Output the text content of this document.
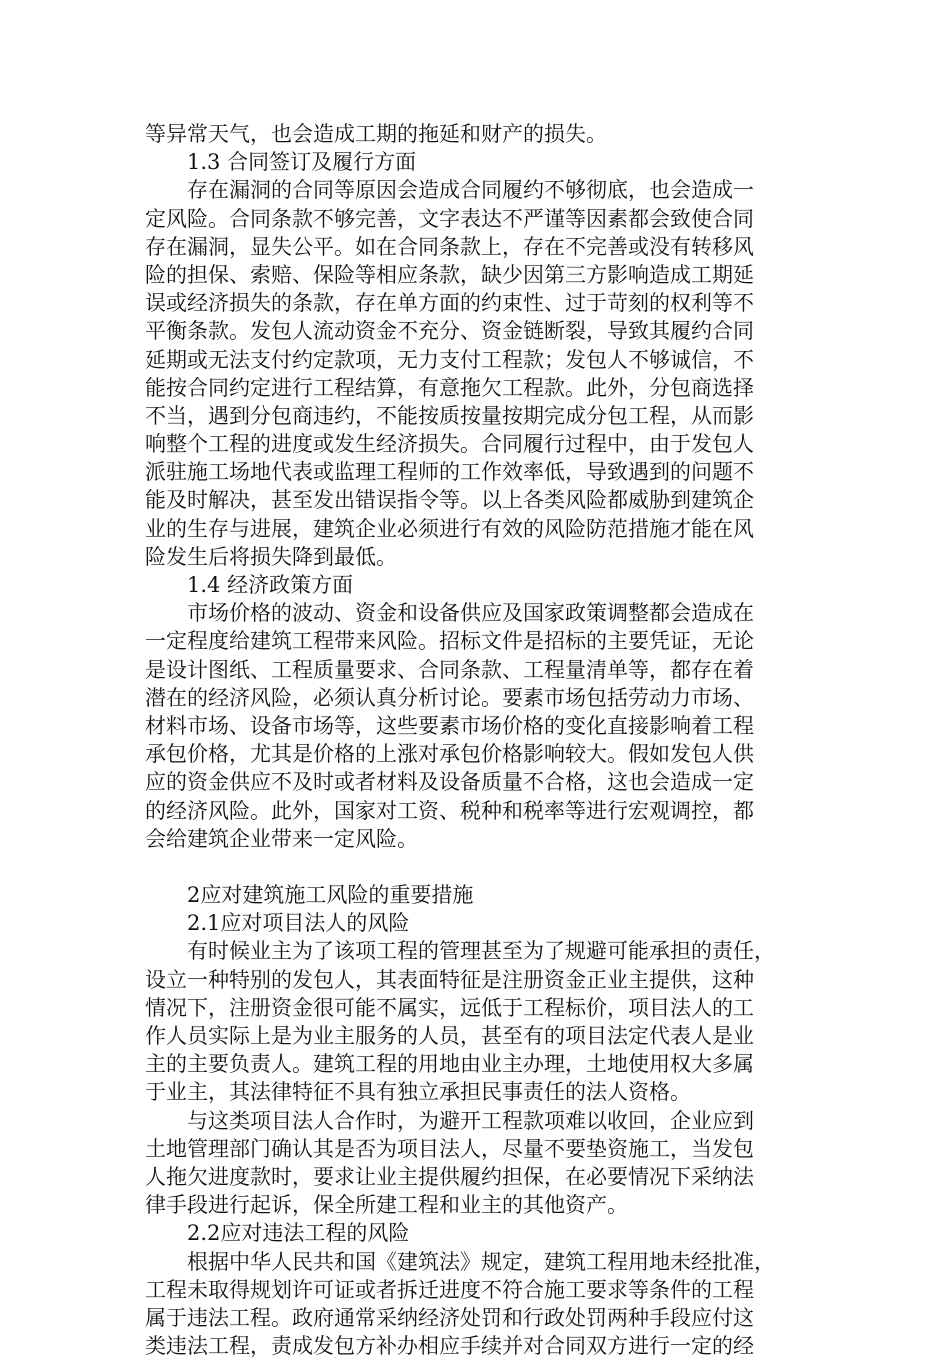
等异常天气，也会造成工期的拖延和财产的损失。
　　1.3 合同签订及履行方面
　　存在漏洞的合同等原因会造成合同履约不够彻底，也会造成一
定风险。合同条款不够完善，文字表达不严谨等因素都会致使合同
存在漏洞，显失公平。如在合同条款上，存在不完善或没有转移风
险的担保、索赔、保险等相应条款，缺少因第三方影响造成工期延
误或经济损失的条款，存在单方面的约束性、过于苛刻的权利等不
平衡条款。发包人流动资金不充分、资金链断裂，导致其履约合同
延期或无法支付约定款项，无力支付工程款；发包人不够诚信，不
能按合同约定进行工程结算，有意拖欠工程款。此外，分包商选择
不当，遇到分包商违约，不能按质按量按期完成分包工程，从而影
响整个工程的进度或发生经济损失。合同履行过程中，由于发包人
派驻施工场地代表或监理工程师的工作效率低，导致遇到的问题不
能及时解决，甚至发出错误指令等。以上各类风险都威胁到建筑企
业的生存与进展，建筑企业必须进行有效的风险防范措施才能在风
险发生后将损失降到最低。
　　1.4 经济政策方面
　　市场价格的波动、资金和设备供应及国家政策调整都会造成在
一定程度给建筑工程带来风险。招标文件是招标的主要凭证，无论
是设计图纸、工程质量要求、合同条款、工程量清单等，都存在着
潜在的经济风险，必须认真分析讨论。要素市场包括劳动力市场、
材料市场、设备市场等，这些要素市场价格的变化直接影响着工程
承包价格，尤其是价格的上涨对承包价格影响较大。假如发包人供
应的资金供应不及时或者材料及设备质量不合格，这也会造成一定
的经济风险。此外，国家对工资、税种和税率等进行宏观调控，都
会给建筑企业带来一定风险。
　　2应对建筑施工风险的重要措施
　　2.1应对项目法人的风险
　　有时候业主为了该项工程的管理甚至为了规避可能承担的责任，
设立一种特别的发包人，其表面特征是注册资金正业主提供，这种
情况下，注册资金很可能不属实，远低于工程标价，项目法人的工
作人员实际上是为业主服务的人员，甚至有的项目法定代表人是业
主的主要负责人。建筑工程的用地由业主办理，土地使用权大多属
于业主，其法律特征不具有独立承担民事责任的法人资格。
　　与这类项目法人合作时，为避开工程款项难以收回，企业应到
土地管理部门确认其是否为项目法人，尽量不要垫资施工，当发包
人拖欠进度款时，要求让业主提供履约担保，在必要情况下采纳法
律手段进行起诉，保全所建工程和业主的其他资产。
　　2.2应对违法工程的风险
　　根据中华人民共和国《建筑法》规定，建筑工程用地未经批准，
工程未取得规划许可证或者拆迁进度不符合施工要求等条件的工程
属于违法工程。政府通常采纳经济处罚和行政处罚两种手段应付这
类违法工程，责成发包方补办相应手续并对合同双方进行一定的经
